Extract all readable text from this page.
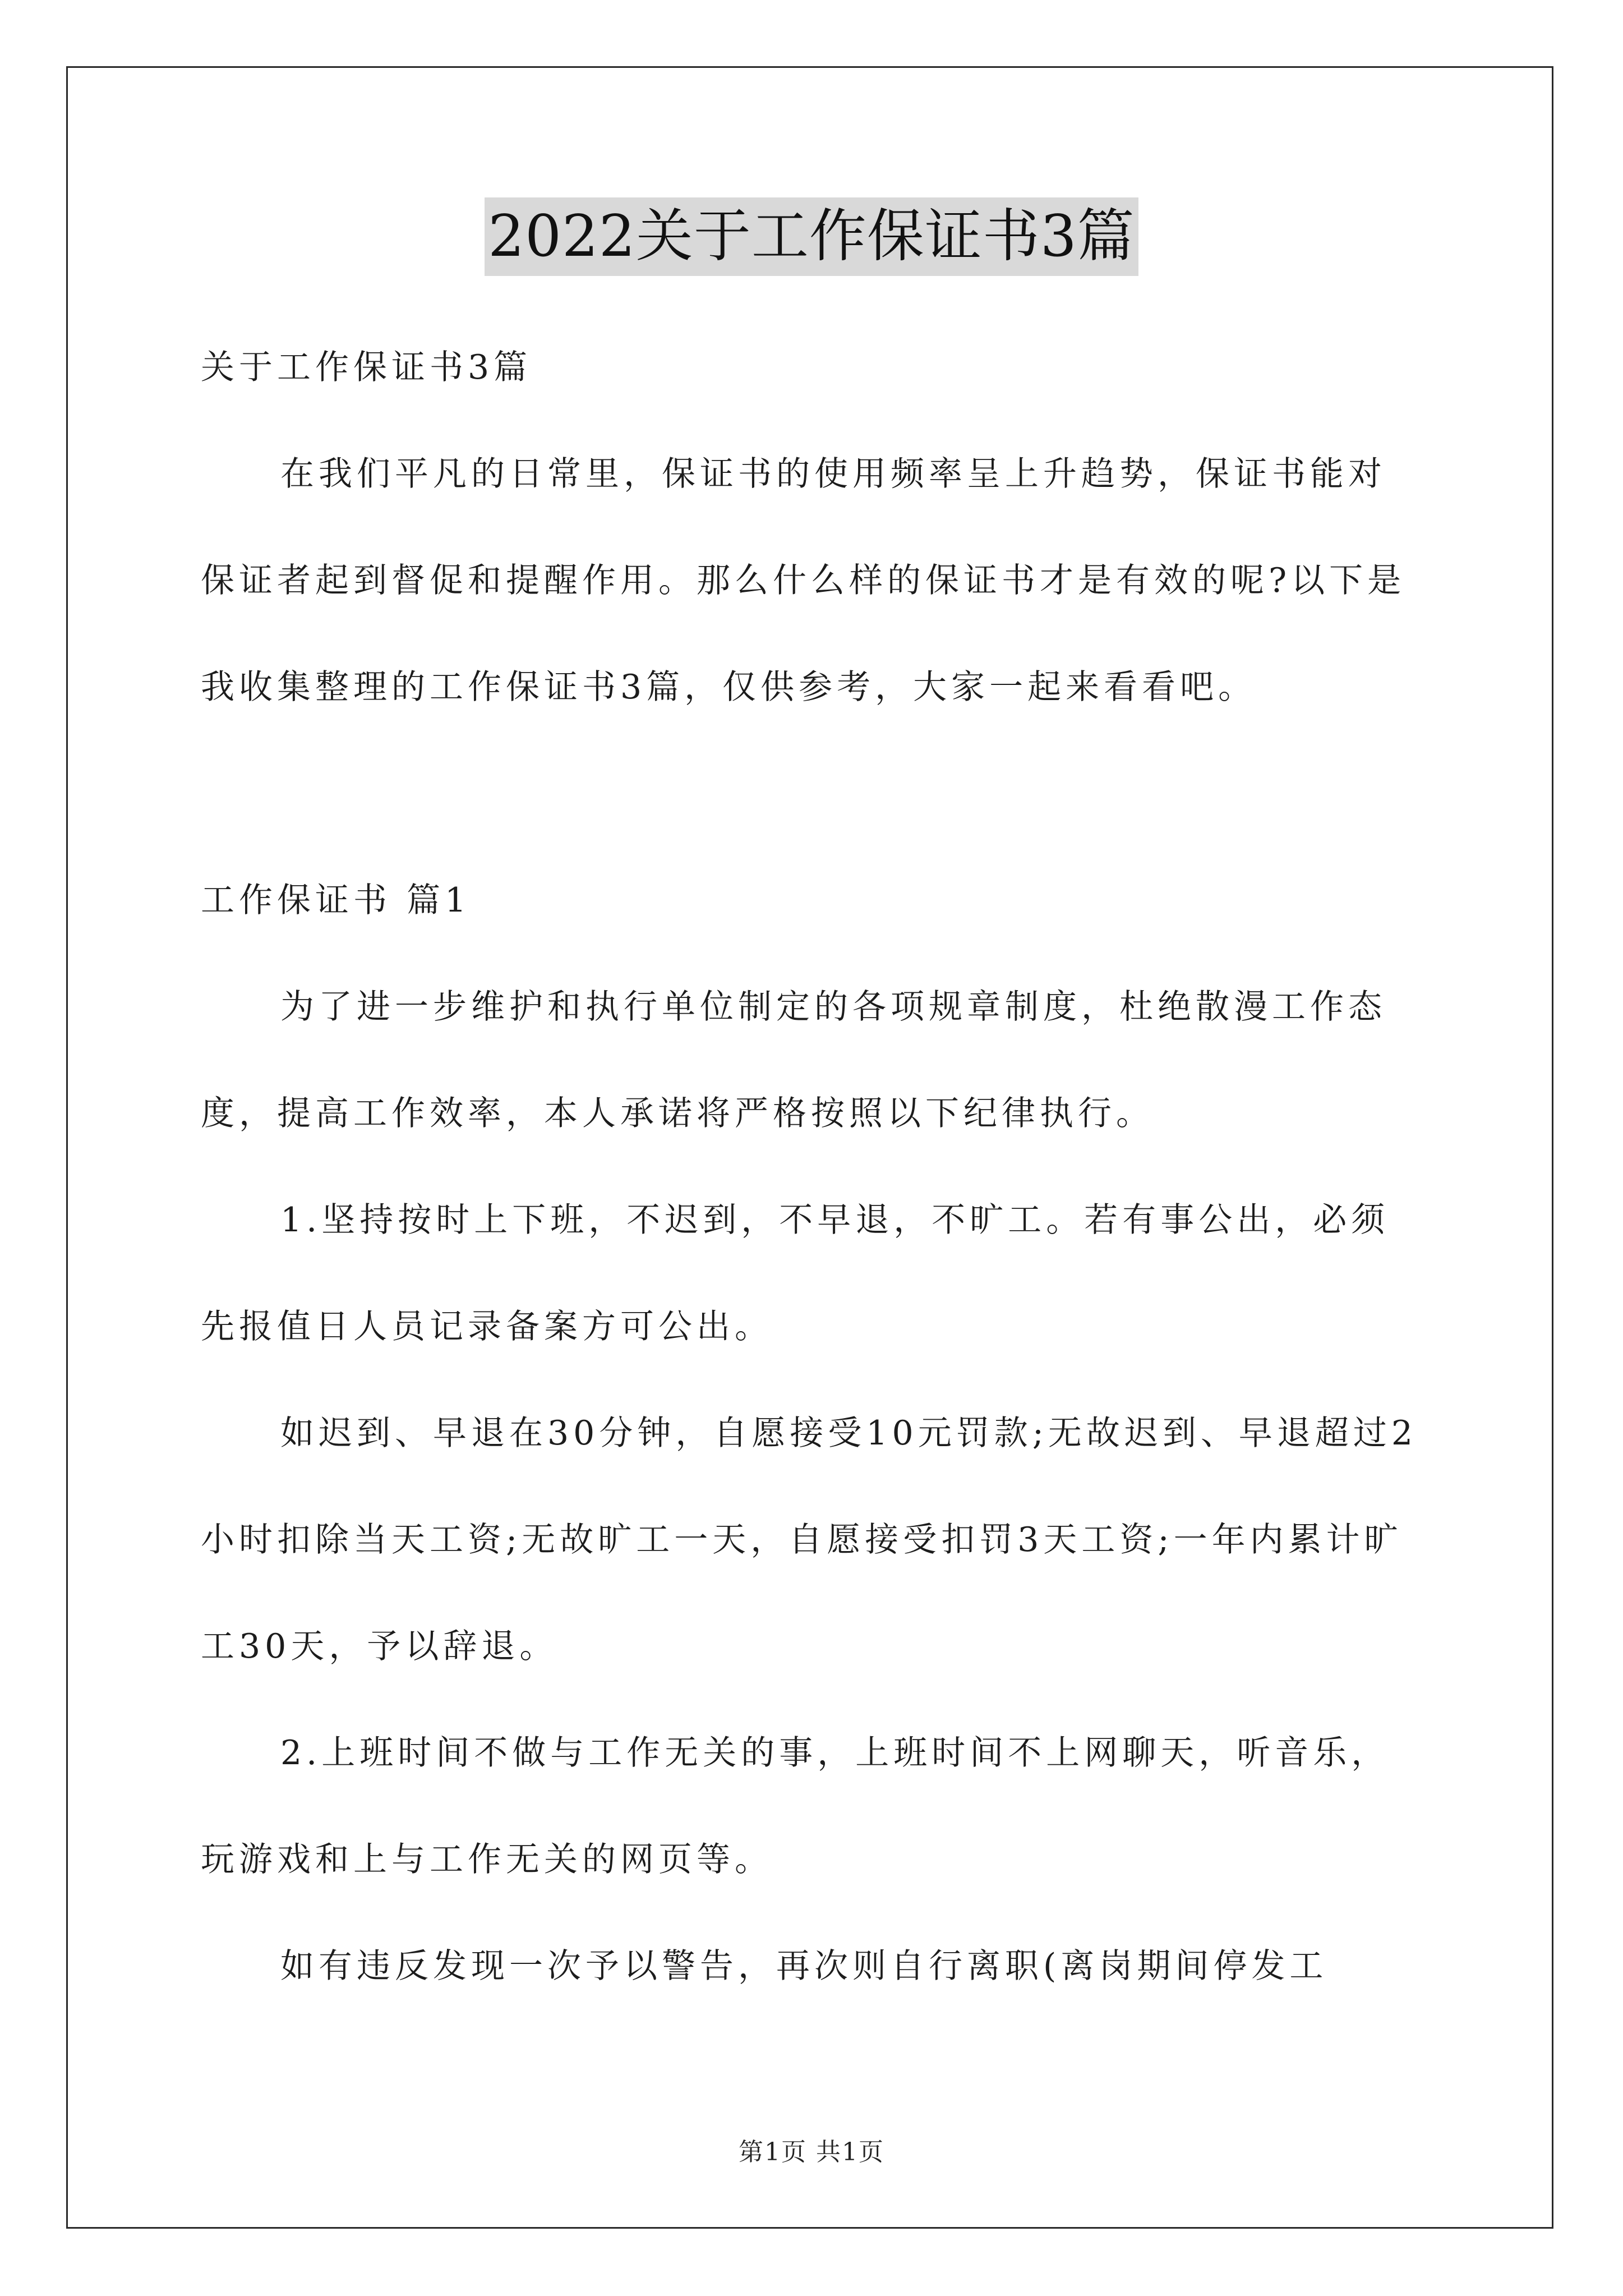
2022关于工作保证书3篇

关于工作保证书3篇

在我们平凡的日常里，保证书的使用频率呈上升趋势，保证书能对保证者起到督促和提醒作用。那么什么样的保证书才是有效的呢?以下是我收集整理的工作保证书3篇，仅供参考，大家一起来看看吧。

工作保证书 篇1

为了进一步维护和执行单位制定的各项规章制度，杜绝散漫工作态度，提高工作效率，本人承诺将严格按照以下纪律执行。

1.坚持按时上下班，不迟到，不早退，不旷工。若有事公出，必须先报值日人员记录备案方可公出。

如迟到、早退在30分钟，自愿接受10元罚款;无故迟到、早退超过2小时扣除当天工资;无故旷工一天，自愿接受扣罚3天工资;一年内累计旷工30天，予以辞退。

2.上班时间不做与工作无关的事，上班时间不上网聊天，听音乐，玩游戏和上与工作无关的网页等。

如有违反发现一次予以警告，再次则自行离职(离岗期间停发工

第1页 共1页
